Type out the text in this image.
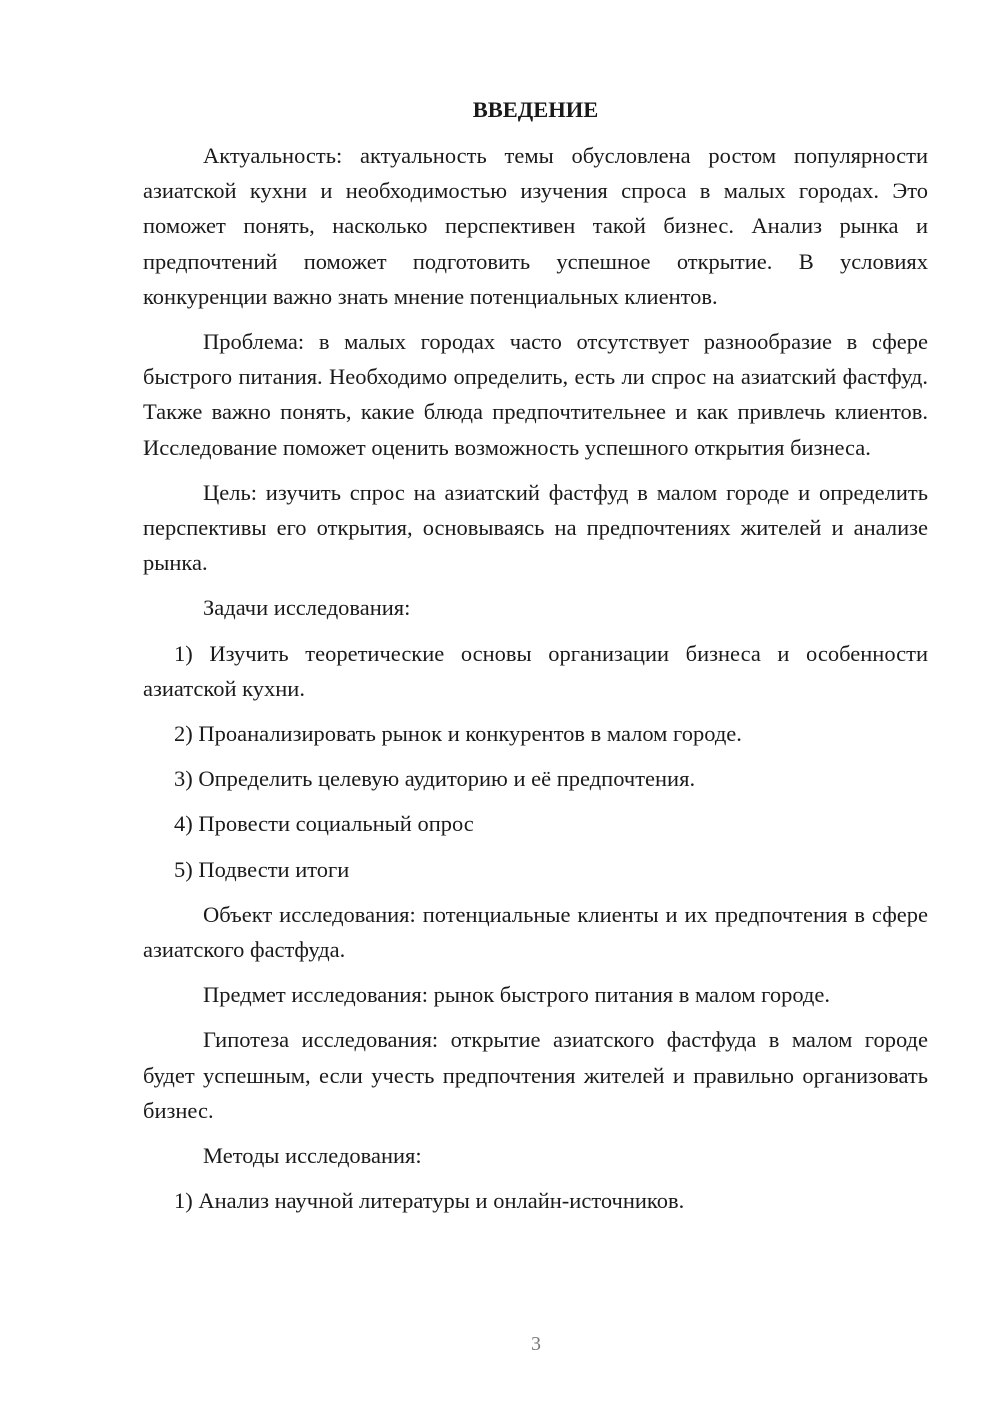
ВВЕДЕНИЕ

Актуальность: актуальность темы обусловлена ростом популярности азиатской кухни и необходимостью изучения спроса в малых городах. Это поможет понять, насколько перспективен такой бизнес. Анализ рынка и предпочтений поможет подготовить успешное открытие. В условиях конкуренции важно знать мнение потенциальных клиентов.

Проблема: в малых городах часто отсутствует разнообразие в сфере быстрого питания. Необходимо определить, есть ли спрос на азиатский фастфуд. Также важно понять, какие блюда предпочтительнее и как привлечь клиентов. Исследование поможет оценить возможность успешного открытия бизнеса.

Цель: изучить спрос на азиатский фастфуд в малом городе и определить перспективы его открытия, основываясь на предпочтениях жителей и анализе рынка.

Задачи исследования:

1) Изучить теоретические основы организации бизнеса и особенности азиатской кухни.

2) Проанализировать рынок и конкурентов в малом городе.

3) Определить целевую аудиторию и её предпочтения.

4) Провести социальный опрос

5) Подвести итоги

Объект исследования: потенциальные клиенты и их предпочтения в сфере азиатского фастфуда.

Предмет исследования: рынок быстрого питания в малом городе.

Гипотеза исследования: открытие азиатского фастфуда в малом городе будет успешным, если учесть предпочтения жителей и правильно организовать бизнес.

Методы исследования:

1) Анализ научной литературы и онлайн-источников.

3
